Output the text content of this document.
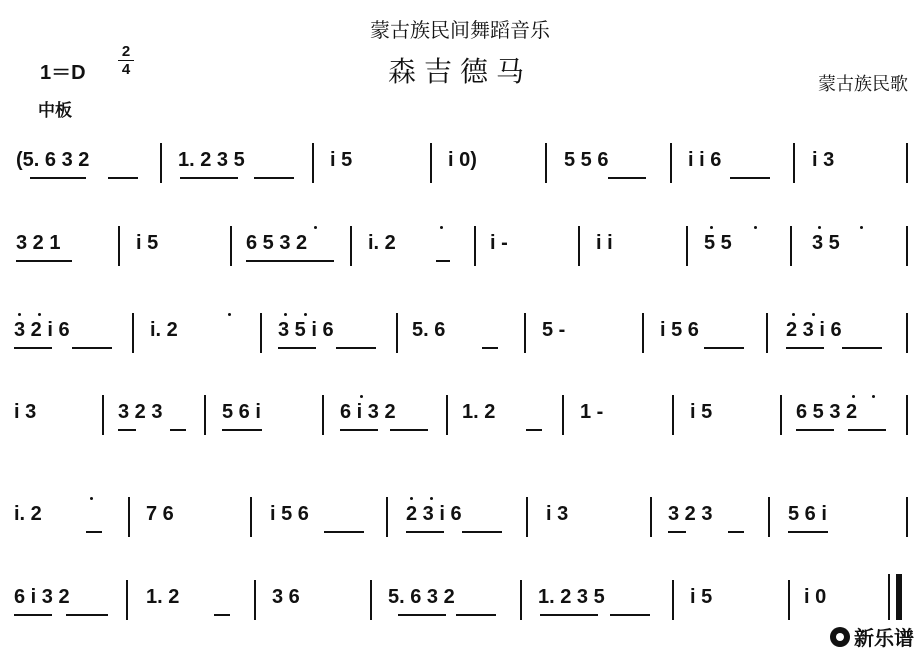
蒙古族民间舞蹈音乐
森吉德马
$1=D \frac{2}{4}$
中板
蒙古族民歌
(5. 6 3 2	1. 2 3 5	i 5	i 0)	5 5 6	i i 6	i 3
3 2 1	i 5	6 5 3 2	i. 2	i -	i i	5 5	3 5
3 2 i 6	i. 2	3 5 i 6	5. 6	5 -	i 5 6	2 3 i 6
i 3	3 2 3	5 6 i	6 i 3 2	1. 2	1 -	i 5	6 5 3 2
i. 2	7 6	i 5 6	2 3 i 6	i 3	3 2 3	5 6 i
6 i 3 2	1. 2	3 6	5. 6 3 2	1. 2 3 5	i 5	i 0
新乐谱
